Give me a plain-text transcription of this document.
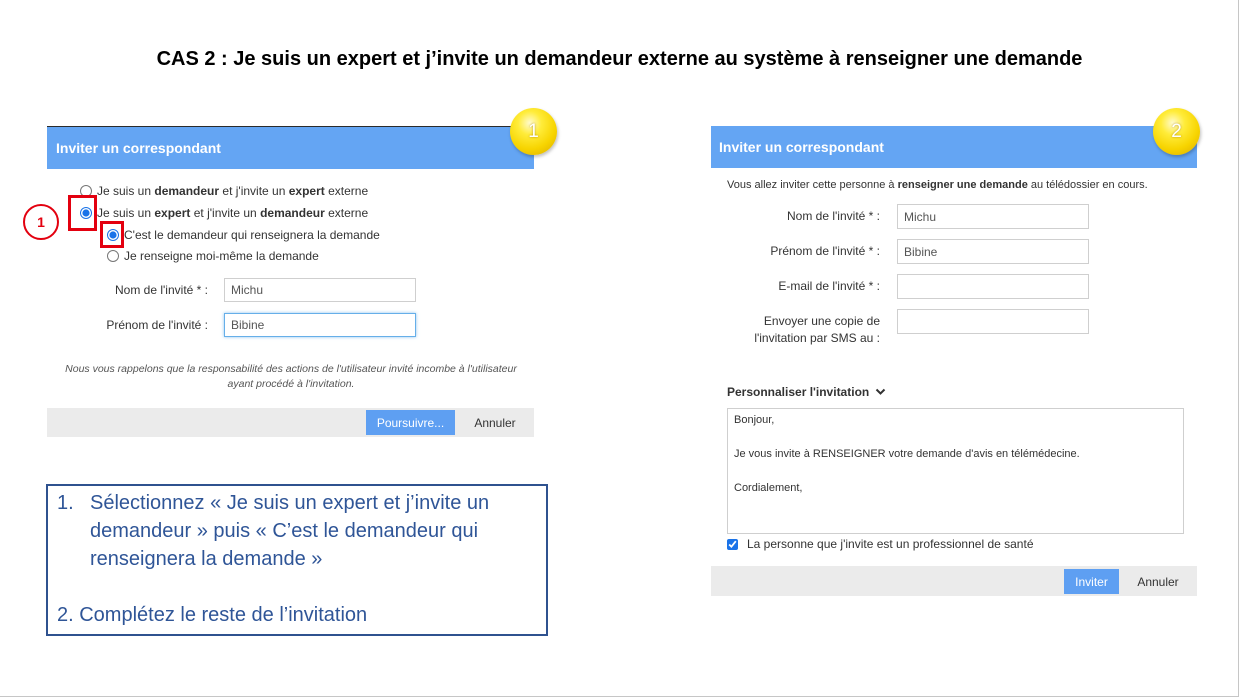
CAS 2 : Je suis un expert et j’invite un demandeur externe au système à renseigner une demande
Inviter un correspondant
Je suis un demandeur et j'invite un expert externe
Je suis un expert et j'invite un demandeur externe
C'est le demandeur qui renseignera la demande
Je renseigne moi-même la demande
Nom de l'invité * :
Michu
Prénom de l'invité :
Bibine
Nous vous rappelons que la responsabilité des actions de l'utilisateur invité incombe à l'utilisateur ayant procédé à l'invitation.
Poursuivre...	Annuler
Inviter un correspondant
Vous allez inviter cette personne à renseigner une demande au télédossier en cours.
Nom de l'invité * :
Michu
Prénom de l'invité * :
Bibine
E-mail de l'invité * :
Envoyer une copie de l'invitation par SMS au :
Personnaliser l'invitation
Bonjour, Je vous invite à RENSEIGNER votre demande d'avis en télémédecine. Cordialement,
La personne que j'invite est un professionnel de santé
Inviter	Annuler
1	2
1
1. Sélectionnez « Je suis un expert et j’invite un demandeur » puis « C’est le demandeur qui renseignera la demande »
2. Complétez le reste de l’invitation
